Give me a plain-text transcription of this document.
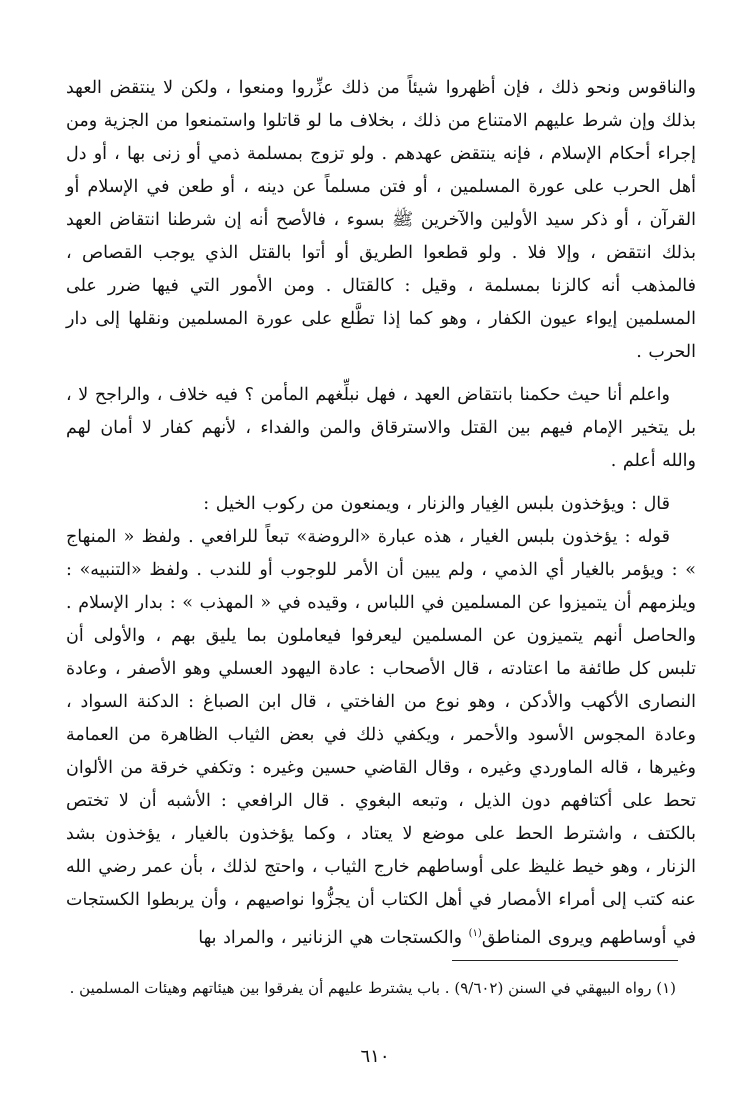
والناقوس ونحو ذلك ، فإن أظهروا شيئاً من ذلك عزِّروا ومنعوا ، ولكن لا ينتقض العهد بذلك وإن شرط عليهم الامتناع من ذلك ، بخلاف ما لو قاتلوا واستمنعوا من الجزية ومن إجراء أحكام الإسلام ، فإنه ينتقض عهدهم . ولو تزوج بمسلمة ذمي أو زنى بها ، أو دل أهل الحرب على عورة المسلمين ، أو فتن مسلماً عن دينه ، أو طعن في الإسلام أو القرآن ، أو ذكر سيد الأولين والآخرين ﷺ بسوء ، فالأصح أنه إن شرطنا انتقاض العهد بذلك انتقض ، وإلا فلا . ولو قطعوا الطريق أو أتوا بالقتل الذي يوجب القصاص ، فالمذهب أنه كالزنا بمسلمة ، وقيل : كالقتال . ومن الأمور التي فيها ضرر على المسلمين إيواء عيون الكفار ، وهو كما إذا تطَّلع على عورة المسلمين ونقلها إلى دار الحرب .

واعلم أنا حيث حكمنا بانتقاض العهد ، فهل نبلِّغهم المأمن ؟ فيه خلاف ، والراجح لا ، بل يتخير الإمام فيهم بين القتل والاسترقاق والمن والفداء ، لأنهم كفار لا أمان لهم والله أعلم .

قال : ويؤخذون بلبس الغِيار والزنار ، ويمنعون من ركوب الخيل :

قوله : يؤخذون بلبس الغيار ، هذه عبارة «الروضة» تبعاً للرافعي . ولفظ « المنهاج » : ويؤمر بالغيار أي الذمي ، ولم يبين أن الأمر للوجوب أو للندب . ولفظ «التنبيه» : ويلزمهم أن يتميزوا عن المسلمين في اللباس ، وقيده في « المهذب » : بدار الإسلام . والحاصل أنهم يتميزون عن المسلمين ليعرفوا فيعاملون بما يليق بهم ، والأولى أن تلبس كل طائفة ما اعتادته ، قال الأصحاب : عادة اليهود العسلي وهو الأصفر ، وعادة النصارى الأكهب والأدكن ، وهو نوع من الفاختي ، قال ابن الصباغ : الدكنة السواد ، وعادة المجوس الأسود والأحمر ، ويكفي ذلك في بعض الثياب الظاهرة من العمامة وغيرها ، قاله الماوردي وغيره ، وقال القاضي حسين وغيره : وتكفي خرقة من الألوان تحط على أكتافهم دون الذيل ، وتبعه البغوي . قال الرافعي : الأشبه أن لا تختص بالكتف ، واشترط الحط على موضع لا يعتاد ، وكما يؤخذون بالغيار ، يؤخذون بشد الزنار ، وهو خيط غليظ على أوساطهم خارج الثياب ، واحتج لذلك ، بأن عمر رضي الله عنه كتب إلى أمراء الأمصار في أهل الكتاب أن يجزُّوا نواصيهم ، وأن يربطوا الكستجات في أوساطهم ويروى المناطق$^{(١)}$ والكستجات هي الزنانير ، والمراد بها

(١) رواه البيهقي في السنن (٩/٦٠٢) . باب يشترط عليهم أن يفرقوا بين هيئاتهم وهيئات المسلمين .

٦١٠
